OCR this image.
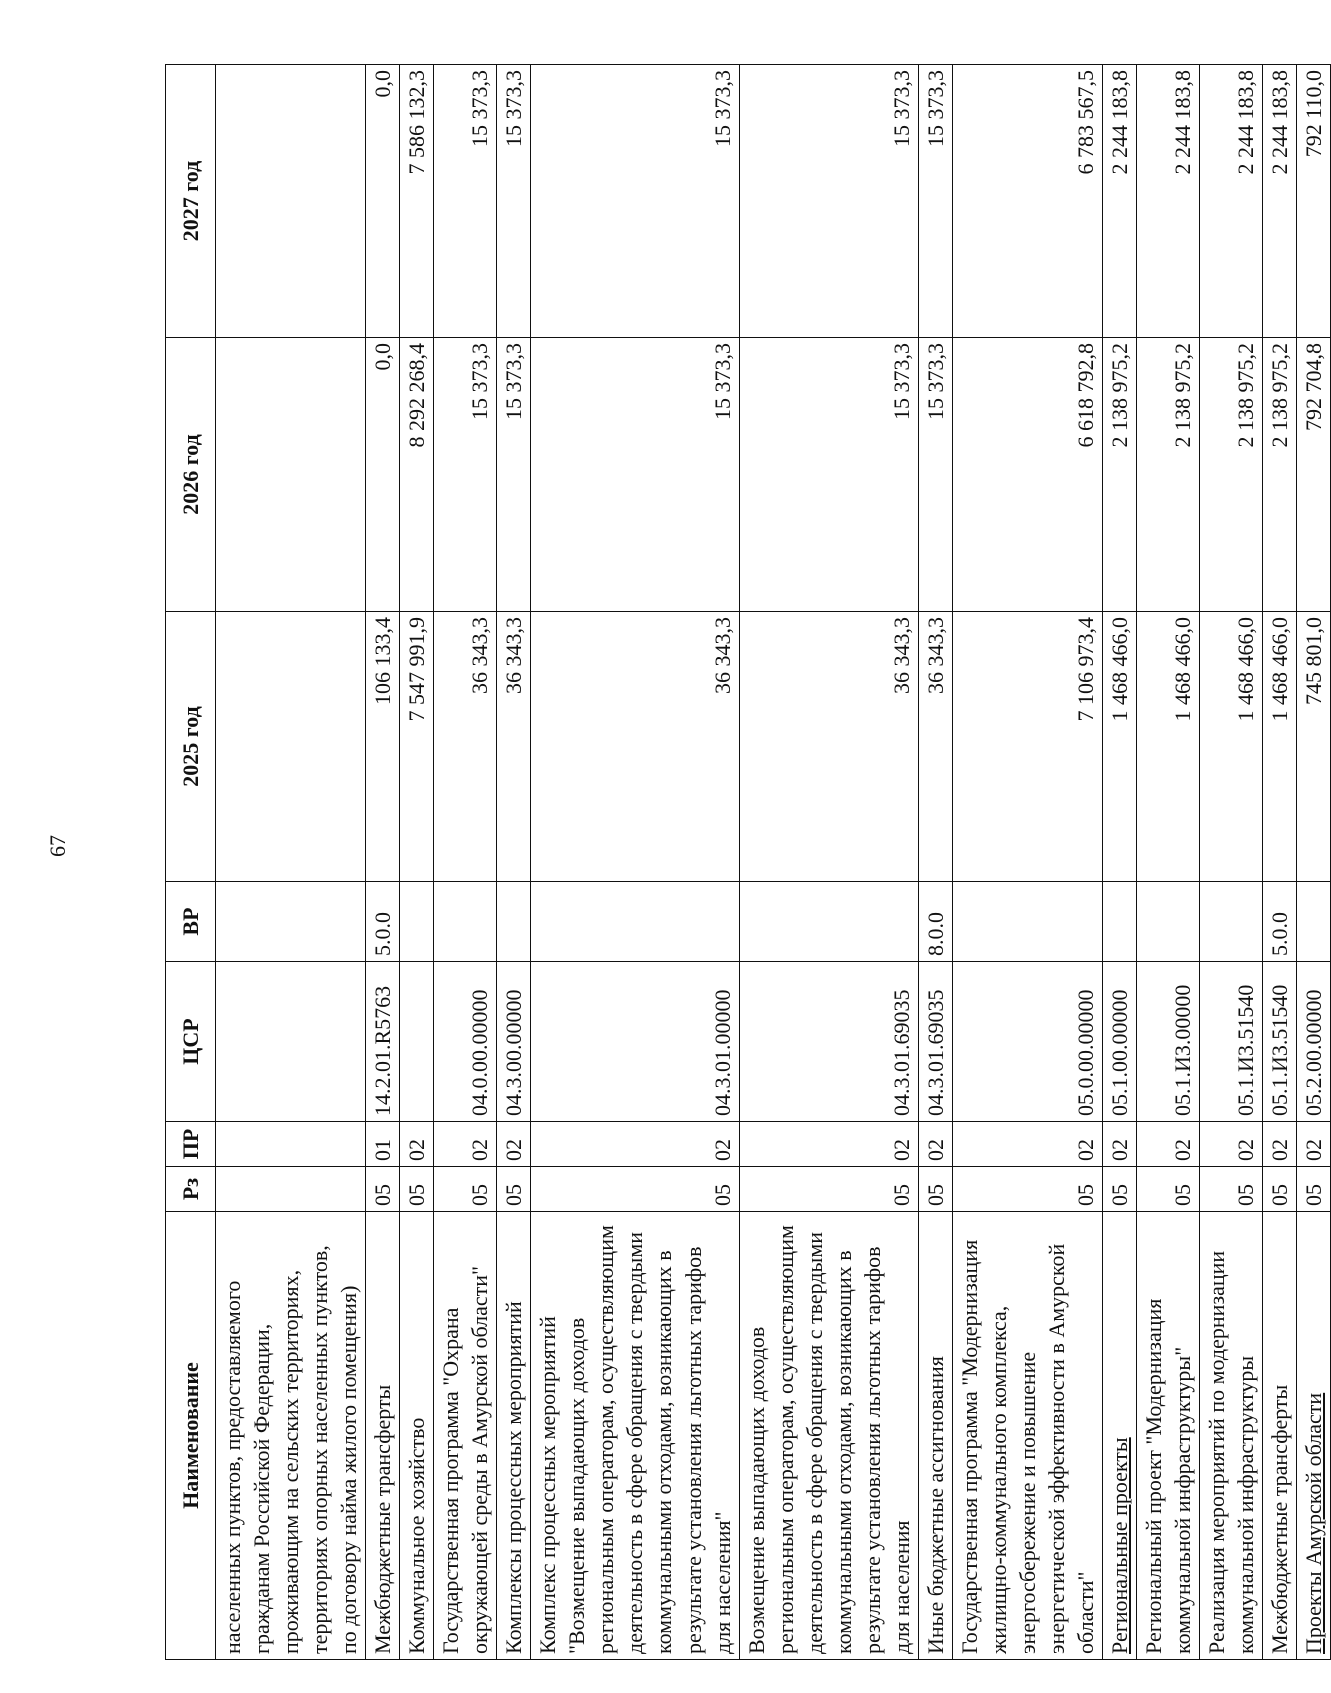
67
Наименование	Рз	ПР	ЦСР	ВР	2025 год	2026 год	2027 год
населенных пунктов, предоставляемого гражданам Российской Федерации, проживающим на сельских территориях, территориях опорных населенных пунктов, по договору найма жилого помещения)							
Межбюджетные трансферты	05	01	14.2.01.R5763	5.0.0	106 133,4	0,0	0,0
Коммунальное хозяйство	05	02			7 547 991,9	8 292 268,4	7 586 132,3
Государственная программа "Охрана окружающей среды в Амурской области"	05	02	04.0.00.00000		36 343,3	15 373,3	15 373,3
Комплексы процессных мероприятий	05	02	04.3.00.00000		36 343,3	15 373,3	15 373,3
Комплекс процессных мероприятий "Возмещение выпадающих доходов региональным операторам, осуществляющим деятельность в сфере обращения с твердыми коммунальными отходами, возникающих в результате установления льготных тарифов для населения"	05	02	04.3.01.00000		36 343,3	15 373,3	15 373,3
Возмещение выпадающих доходов региональным операторам, осуществляющим деятельность в сфере обращения с твердыми коммунальными отходами, возникающих в результате установления льготных тарифов для населения	05	02	04.3.01.69035		36 343,3	15 373,3	15 373,3
Иные бюджетные ассигнования	05	02	04.3.01.69035	8.0.0	36 343,3	15 373,3	15 373,3
Государственная программа "Модернизация жилищно-коммунального комплекса, энергосбережение и повышение энергетической эффективности в Амурской области"	05	02	05.0.00.00000		7 106 973,4	6 618 792,8	6 783 567,5
Региональные проекты	05	02	05.1.00.00000		1 468 466,0	2 138 975,2	2 244 183,8
Региональный проект "Модернизация коммунальной инфраструктуры"	05	02	05.1.И3.00000		1 468 466,0	2 138 975,2	2 244 183,8
Реализация мероприятий по модернизации коммунальной инфраструктуры	05	02	05.1.И3.51540		1 468 466,0	2 138 975,2	2 244 183,8
Межбюджетные трансферты	05	02	05.1.И3.51540	5.0.0	1 468 466,0	2 138 975,2	2 244 183,8
Проекты Амурской области	05	02	05.2.00.00000		745 801,0	792 704,8	792 110,0
